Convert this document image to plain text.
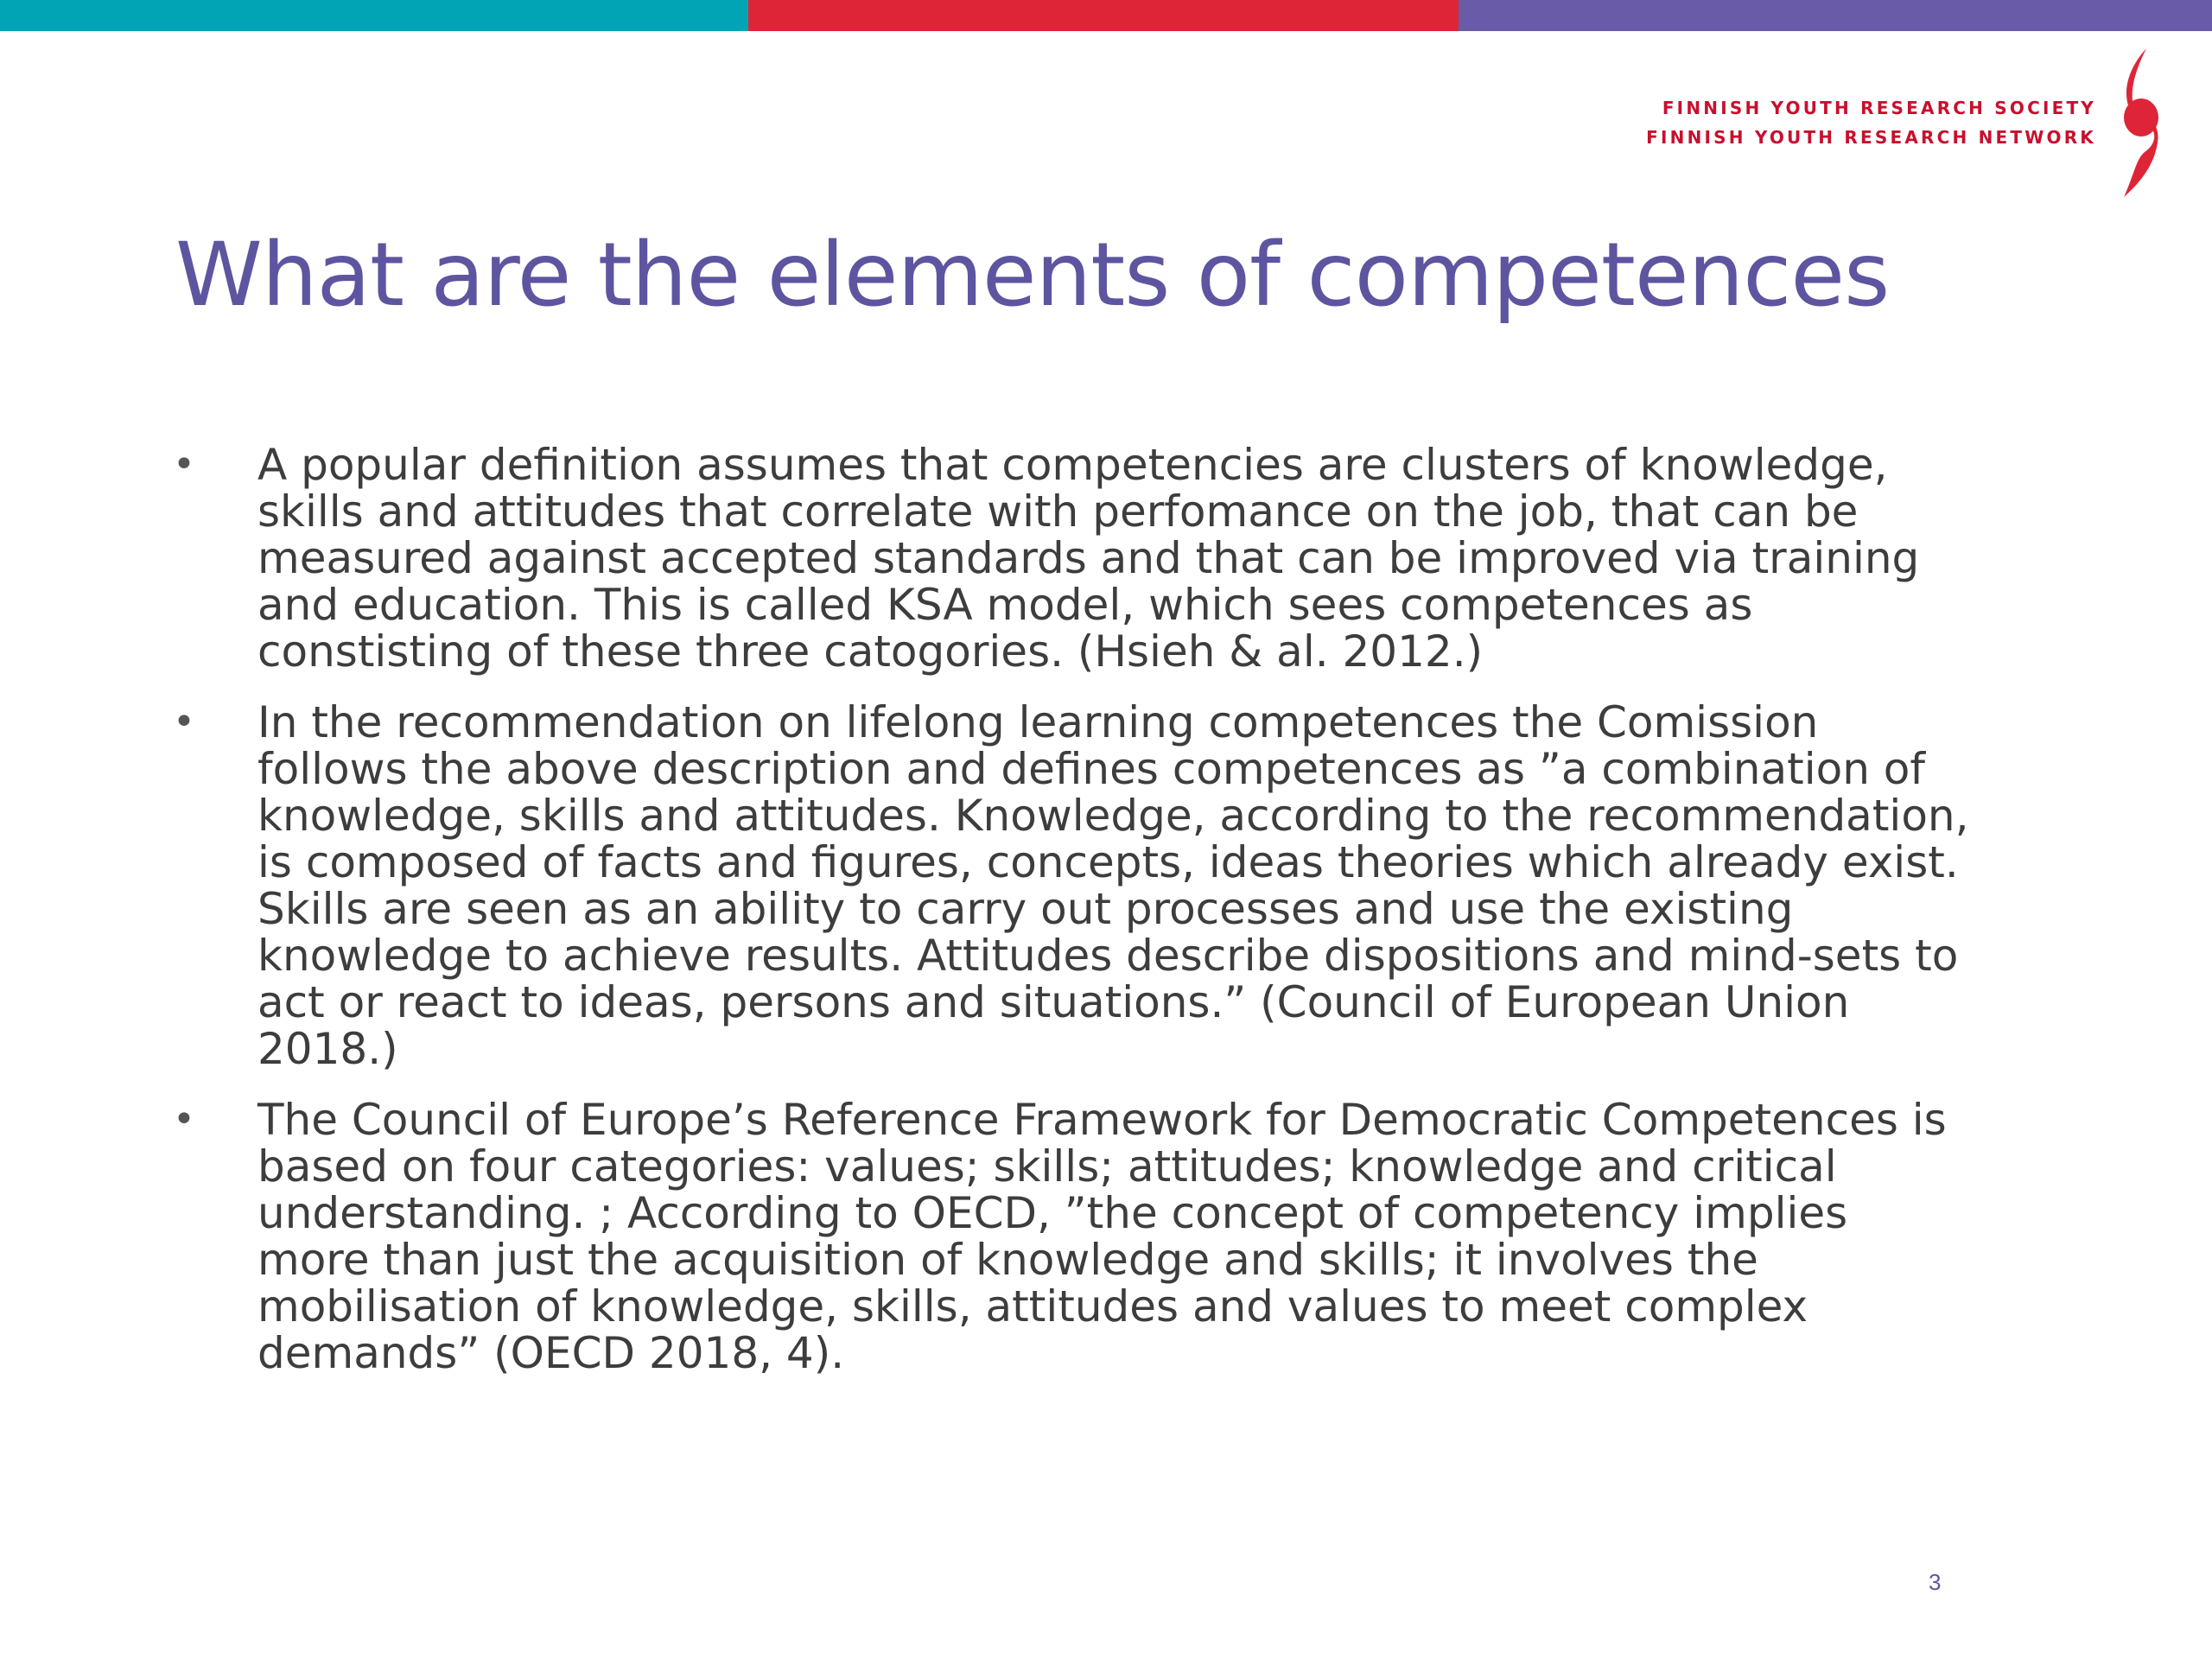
FINNISH YOUTH RESEARCH SOCIETY
FINNISH YOUTH RESEARCH NETWORK
What are the elements of competences
• A popular definition assumes that competencies are clusters of knowledge,
skills and attitudes that correlate with perfomance on the job, that can be
measured against accepted standards and that can be improved via training
and education. This is called KSA model, which sees competences as
constisting of these three catogories. (Hsieh & al. 2012.)
• In the recommendation on lifelong learning competences the Comission
follows the above description and defines competences as ”a combination of
knowledge, skills and attitudes. Knowledge, according to the recommendation,
is composed of facts and figures, concepts, ideas theories which already exist.
Skills are seen as an ability to carry out processes and use the existing
knowledge to achieve results. Attitudes describe dispositions and mind-sets to
act or react to ideas, persons and situations.” (Council of European Union
2018.)
• The Council of Europe’s Reference Framework for Democratic Competences is
based on four categories: values; skills; attitudes; knowledge and critical
understanding. ; According to OECD, ”the concept of competency implies
more than just the acquisition of knowledge and skills; it involves the
mobilisation of knowledge, skills, attitudes and values to meet complex
demands” (OECD 2018, 4).
3
